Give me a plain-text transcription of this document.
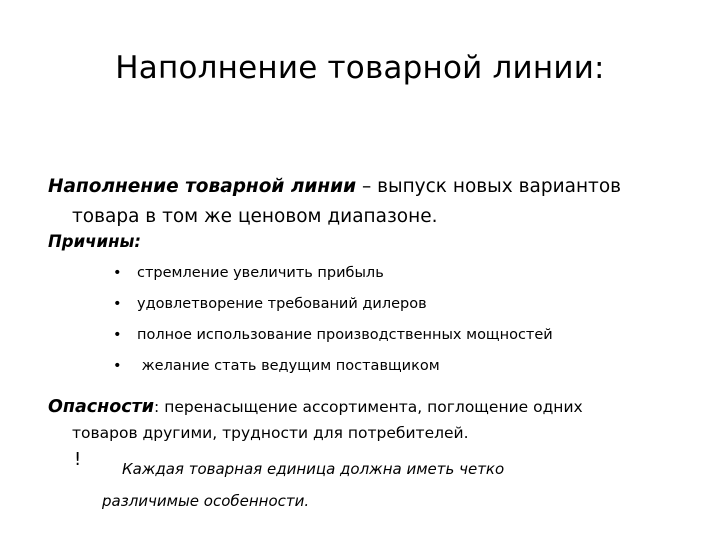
Наполнение товарной линии:
Наполнение товарной линии – выпуск новых вариантов
товара в том же ценовом диапазоне.
Причины:
• стремление увеличить прибыль
• удовлетворение требований дилеров
• полное использование производственных мощностей
• желание стать ведущим поставщиком
Опасности: перенасыщение ассортимента, поглощение одних
товаров другими, трудности для потребителей.
!	Каждая товарная единица должна иметь четко
различимые особенности.
